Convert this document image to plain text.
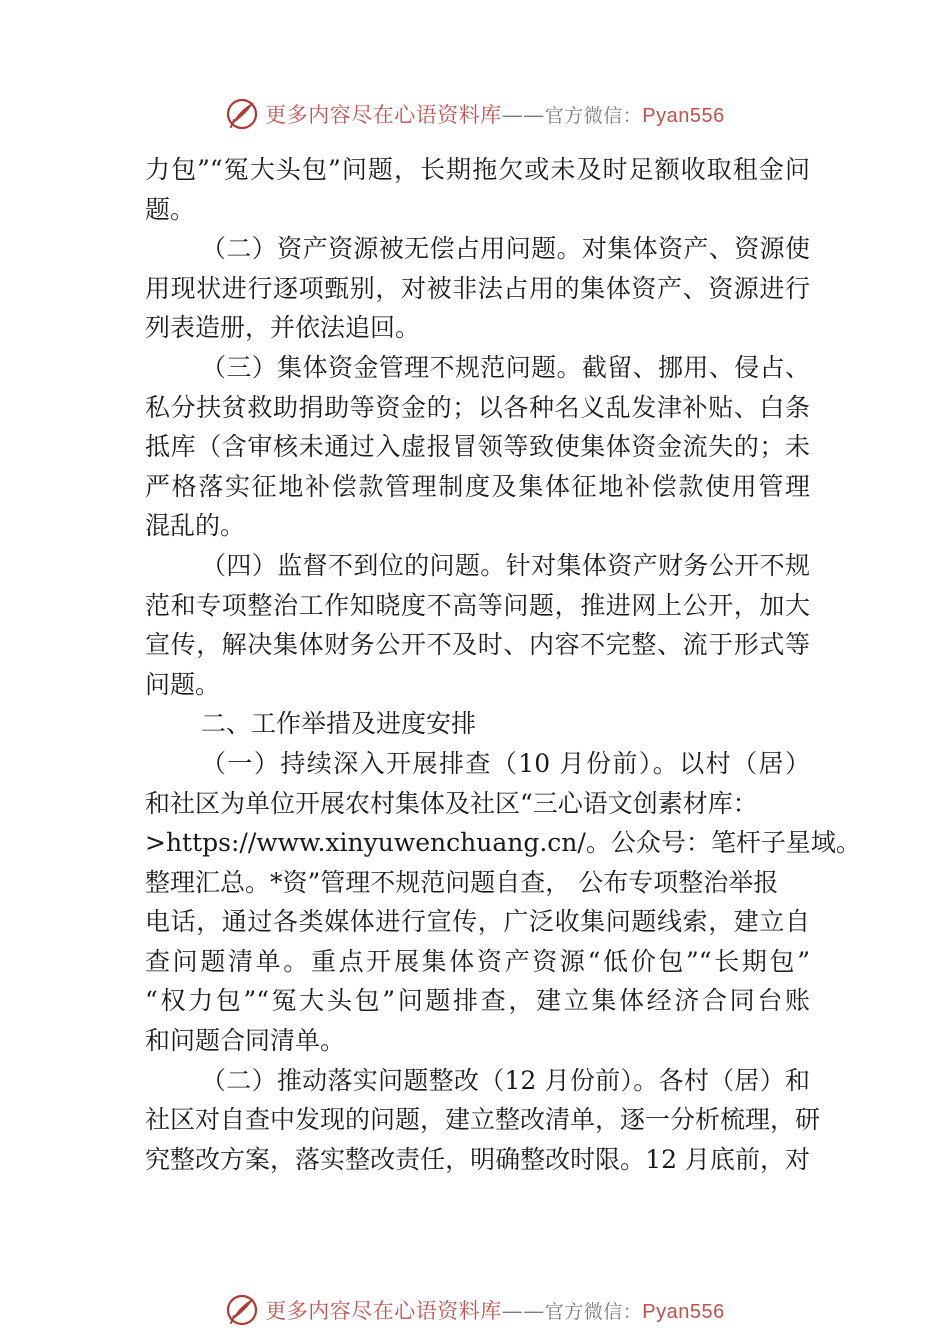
更多内容尽在心语资料库——官方微信：Pyan556
力包”“冤大头包”问题，长期拖欠或未及时足额收取租金问
题。
（二）资产资源被无偿占用问题。对集体资产、资源使
用现状进行逐项甄别，对被非法占用的集体资产、资源进行
列表造册，并依法追回。
（三）集体资金管理不规范问题。截留、挪用、侵占、
私分扶贫救助捐助等资金的；以各种名义乱发津补贴、白条
抵库（含审核未通过入虚报冒领等致使集体资金流失的；未
严格落实征地补偿款管理制度及集体征地补偿款使用管理
混乱的。
（四）监督不到位的问题。针对集体资产财务公开不规
范和专项整治工作知晓度不高等问题，推进网上公开，加大
宣传，解决集体财务公开不及时、内容不完整、流于形式等
问题。
二、工作举措及进度安排
（一）持续深入开展排查（10 月份前）。以村（居）
和社区为单位开展农村集体及社区“三心语文创素材库：
>https://www.xinyuwenchuang.cn/。公众号：笔杆子星域。
整理汇总。*资”管理不规范问题自查， 公布专项整治举报
电话，通过各类媒体进行宣传，广泛收集问题线索，建立自
查问题清单。重点开展集体资产资源“低价包”“长期包”
“权力包”“冤大头包”问题排查，建立集体经济合同台账
和问题合同清单。
（二）推动落实问题整改（12 月份前）。各村（居）和
社区对自查中发现的问题，建立整改清单，逐一分析梳理，研
究整改方案，落实整改责任，明确整改时限。12 月底前，对
更多内容尽在心语资料库——官方微信：Pyan556
